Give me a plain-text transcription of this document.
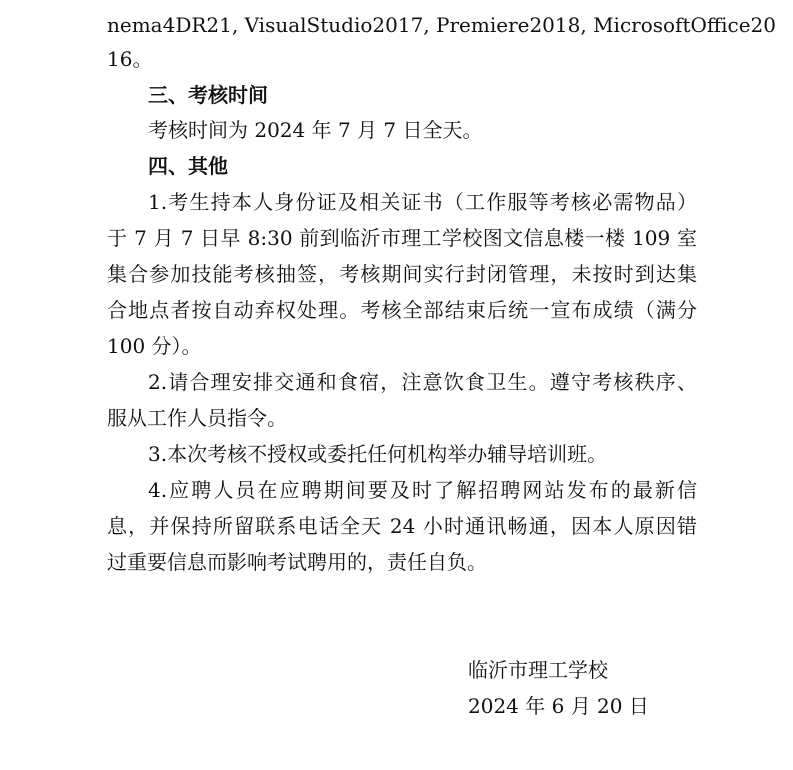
nema4DR21, VisualStudio2017, Premiere2018, MicrosoftOffice20
16。
三、考核时间
考核时间为 2024 年 7 月 7 日全天。
四、其他
1.考生持本人身份证及相关证书（工作服等考核必需物品）
于 7 月 7 日早 8:30 前到临沂市理工学校图文信息楼一楼 109 室
集合参加技能考核抽签，考核期间实行封闭管理，未按时到达集
合地点者按自动弃权处理。考核全部结束后统一宣布成绩（满分
100 分）。
2.请合理安排交通和食宿，注意饮食卫生。遵守考核秩序、
服从工作人员指令。
3.本次考核不授权或委托任何机构举办辅导培训班。
4.应聘人员在应聘期间要及时了解招聘网站发布的最新信
息，并保持所留联系电话全天 24 小时通讯畅通，因本人原因错
过重要信息而影响考试聘用的，责任自负。
临沂市理工学校
2024 年 6 月 20 日
